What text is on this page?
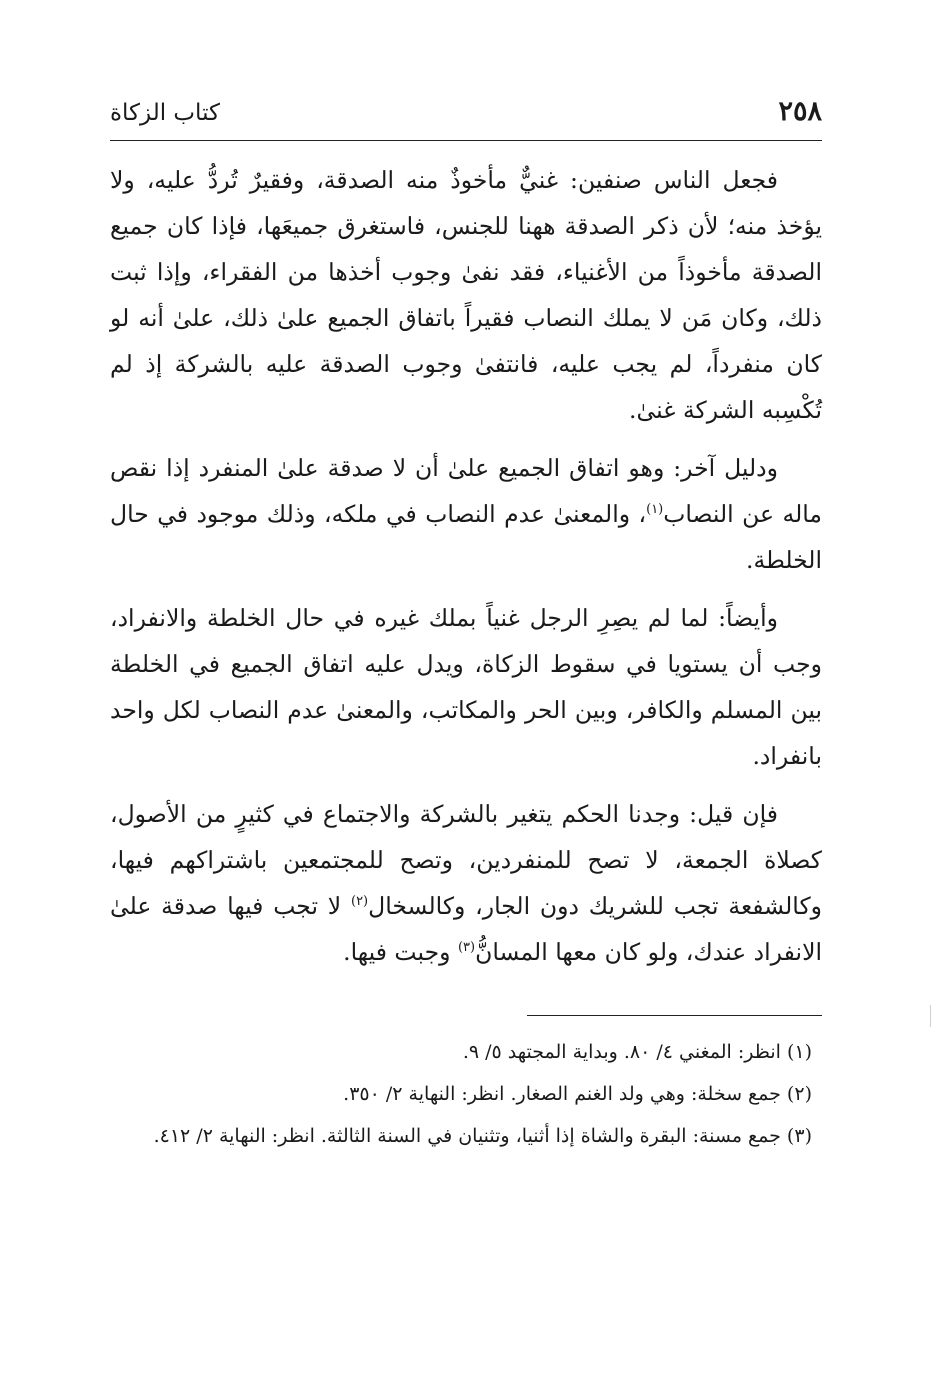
٢٥٨
كتاب الزكاة

فجعل الناس صنفين: غنيٌّ مأخوذٌ منه الصدقة، وفقيرٌ تُردُّ عليه، ولا يؤخذ منه؛ لأن ذكر الصدقة ههنا للجنس، فاستغرق جميعَها، فإذا كان جميع الصدقة مأخوذاً من الأغنياء، فقد نفىٰ وجوب أخذها من الفقراء، وإذا ثبت ذلك، وكان مَن لا يملك النصاب فقيراً باتفاق الجميع علىٰ ذلك، علىٰ أنه لو كان منفرداً، لم يجب عليه، فانتفىٰ وجوب الصدقة عليه بالشركة إذ لم تُكْسِبه الشركة غنىٰ.

ودليل آخر: وهو اتفاق الجميع علىٰ أن لا صدقة علىٰ المنفرد إذا نقص ماله عن النصاب$^{(١)}$، والمعنىٰ عدم النصاب في ملكه، وذلك موجود في حال الخلطة.

وأيضاً: لما لم يصِرِ الرجل غنياً بملك غيره في حال الخلطة والانفراد، وجب أن يستويا في سقوط الزكاة، ويدل عليه اتفاق الجميع في الخلطة بين المسلم والكافر، وبين الحر والمكاتب، والمعنىٰ عدم النصاب لكل واحد بانفراد.

فإن قيل: وجدنا الحكم يتغير بالشركة والاجتماع في كثيرٍ من الأصول، كصلاة الجمعة، لا تصح للمنفردين، وتصح للمجتمعين باشتراكهم فيها، وكالشفعة تجب للشريك دون الجار، وكالسخال$^{(٢)}$ لا تجب فيها صدقة علىٰ الانفراد عندك، ولو كان معها المسانُّ$^{(٣)}$ وجبت فيها.

(١) انظر: المغني ٤/ ٨٠. وبداية المجتهد ٥/ ٩.

(٢) جمع سخلة: وهي ولد الغنم الصغار. انظر: النهاية ٢/ ٣٥٠.

(٣) جمع مسنة: البقرة والشاة إذا أثنيا، وتثنيان في السنة الثالثة. انظر: النهاية ٢/ ٤١٢.
